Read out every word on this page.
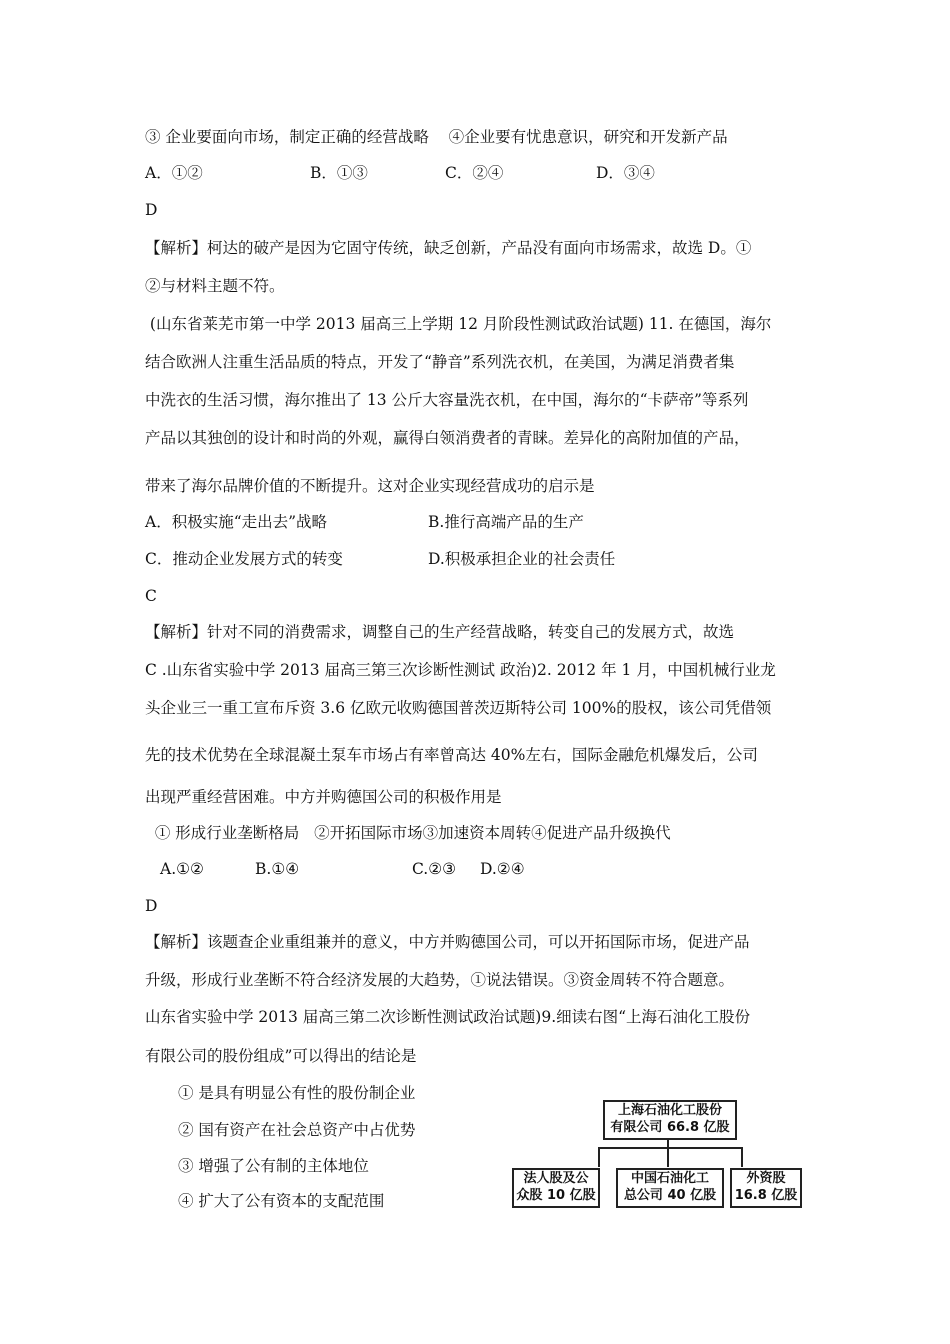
③ 企业要面向市场，制定正确的经营战略    ④企业要有忧患意识，研究和开发新产品
A．①②	B．①③	C．②④	D．③④
D
【解析】柯达的破产是因为它固守传统，缺乏创新，产品没有面向市场需求，故选 D。①
②与材料主题不符。
(山东省莱芜市第一中学 2013 届高三上学期 12 月阶段性测试政治试题) 11. 在德国，海尔
结合欧洲人注重生活品质的特点，开发了“静音”系列洗衣机，在美国，为满足消费者集
中洗衣的生活习惯，海尔推出了 13 公斤大容量洗衣机，在中国，海尔的“卡萨帝”等系列
产品以其独创的设计和时尚的外观，赢得白领消费者的青睐。差异化的高附加值的产品，
带来了海尔品牌价值的不断提升。这对企业实现经营成功的启示是
A．积极实施“走出去”战略	B.推行高端产品的生产
C．推动企业发展方式的转变	D.积极承担企业的社会责任
C
【解析】针对不同的消费需求，调整自己的生产经营战略，转变自己的发展方式，故选
C .山东省实验中学 2013 届高三第三次诊断性测试 政治)2. 2012 年 1 月，中国机械行业龙
头企业三一重工宣布斥资 3.6 亿欧元收购德国普茨迈斯特公司 100%的股权，该公司凭借领
先的技术优势在全球混凝土泵车市场占有率曾高达 40%左右，国际金融危机爆发后，公司
出现严重经营困难。中方并购德国公司的积极作用是
① 形成行业垄断格局   ②开拓国际市场③加速资本周转④促进产品升级换代
A.①②	B.①④	C.②③ D.②④
D
【解析】该题查企业重组兼并的意义，中方并购德国公司，可以开拓国际市场，促进产品
升级，形成行业垄断不符合经济发展的大趋势，①说法错误。③资金周转不符合题意。
山东省实验中学 2013 届高三第二次诊断性测试政治试题)9.细读右图“上海石油化工股份
有限公司的股份组成”可以得出的结论是
① 是具有明显公有性的股份制企业
② 国有资产在社会总资产中占优势
③ 增强了公有制的主体地位
④ 扩大了公有资本的支配范围
上海石油化工股份
有限公司 66.8 亿股
法人股及公
众股 10 亿股
中国石油化工
总公司 40 亿股
外资股
16.8 亿股
